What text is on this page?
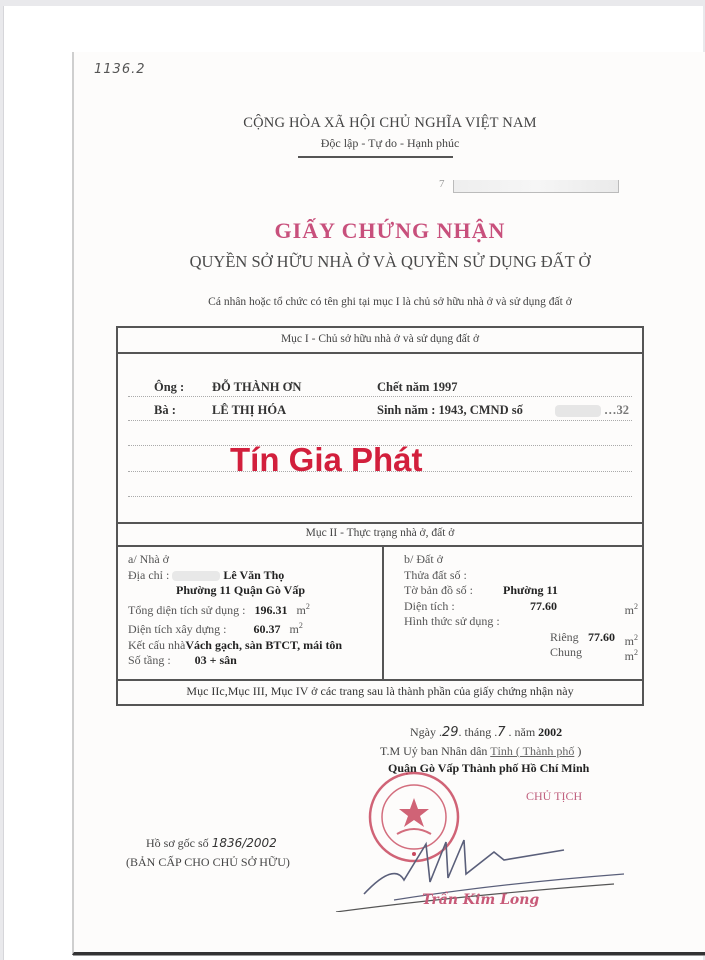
1136.2
CỘNG HÒA XÃ HỘI CHỦ NGHĨA VIỆT NAM
Độc lập - Tự do - Hạnh phúc
7
GIẤY CHỨNG NHẬN
QUYỀN SỞ HỮU NHÀ Ở VÀ QUYỀN SỬ DỤNG ĐẤT Ở
Cá nhân hoặc tổ chức có tên ghi tại mục I là chủ sở hữu nhà ở và sử dụng đất ở
Mục I - Chủ sở hữu nhà ở và sử dụng đất ở
Ông : ĐỖ THÀNH ƠN	Chết năm 1997
Bà :	LÊ THỊ HÓA	Sinh năm : 1943, CMND số	…32
Tín Gia Phát
Mục II - Thực trạng nhà ở, đất ở
a/ Nhà ở
Địa chỉ :	Lê Văn Thọ
Phường 11 Quận Gò Vấp
Tổng diện tích sử dụng : 196.31 $m^2$
Diện tích xây dựng : 60.37 $m^2$
Kết cấu nhàVách gạch, sàn BTCT, mái tôn
Số tầng : 03 + sân
b/ Đất ở
Thửa đất số :
Tờ bản đồ số :	Phường 11
Diện tích :	77.60	$m^2$
Hình thức sử dụng :
Riêng 77.60 $m^2$
Chung	$m^2$
Mục IIc,Mục III, Mục IV ở các trang sau là thành phần của giấy chứng nhận này
Ngày .29. tháng .7 . năm 2002
T.M Uỷ ban Nhân dân Tỉnh ( Thành phố )
Quận Gò Vấp Thành phố Hồ Chí Minh
CHỦ TỊCH
Trần Kim Long
Hồ sơ gốc số 1836/2002
(BẢN CẤP CHO CHỦ SỞ HỮU)
